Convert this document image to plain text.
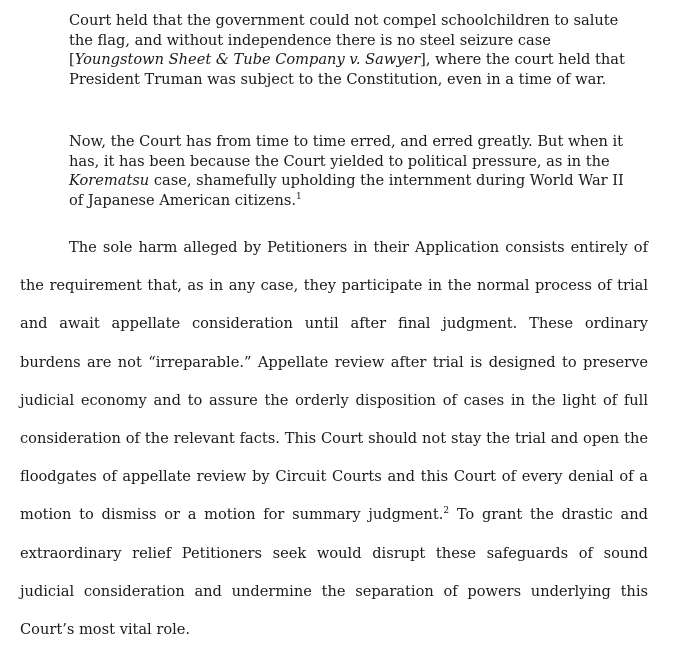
Court held that the government could not compel schoolchildren to salute the flag, and without independence there is no steel seizure case [Youngstown Sheet & Tube Company v. Sawyer], where the court held that President Truman was subject to the Constitution, even in a time of war.

Now, the Court has from time to time erred, and erred greatly. But when it has, it has been because the Court yielded to political pressure, as in the Korematsu case, shamefully upholding the internment during World War II of Japanese American citizens.$^1$

The sole harm alleged by Petitioners in their Application consists entirely of the requirement that, as in any case, they participate in the normal process of trial and await appellate consideration until after final judgment. These ordinary burdens are not “irreparable.” Appellate review after trial is designed to preserve judicial economy and to assure the orderly disposition of cases in the light of full consideration of the relevant facts. This Court should not stay the trial and open the floodgates of appellate review by Circuit Courts and this Court of every denial of a motion to dismiss or a motion for summary judgment.$^2$ To grant the drastic and extraordinary relief Petitioners seek would disrupt these safeguards of sound judicial consideration and undermine the separation of powers underlying this Court’s most vital role.
